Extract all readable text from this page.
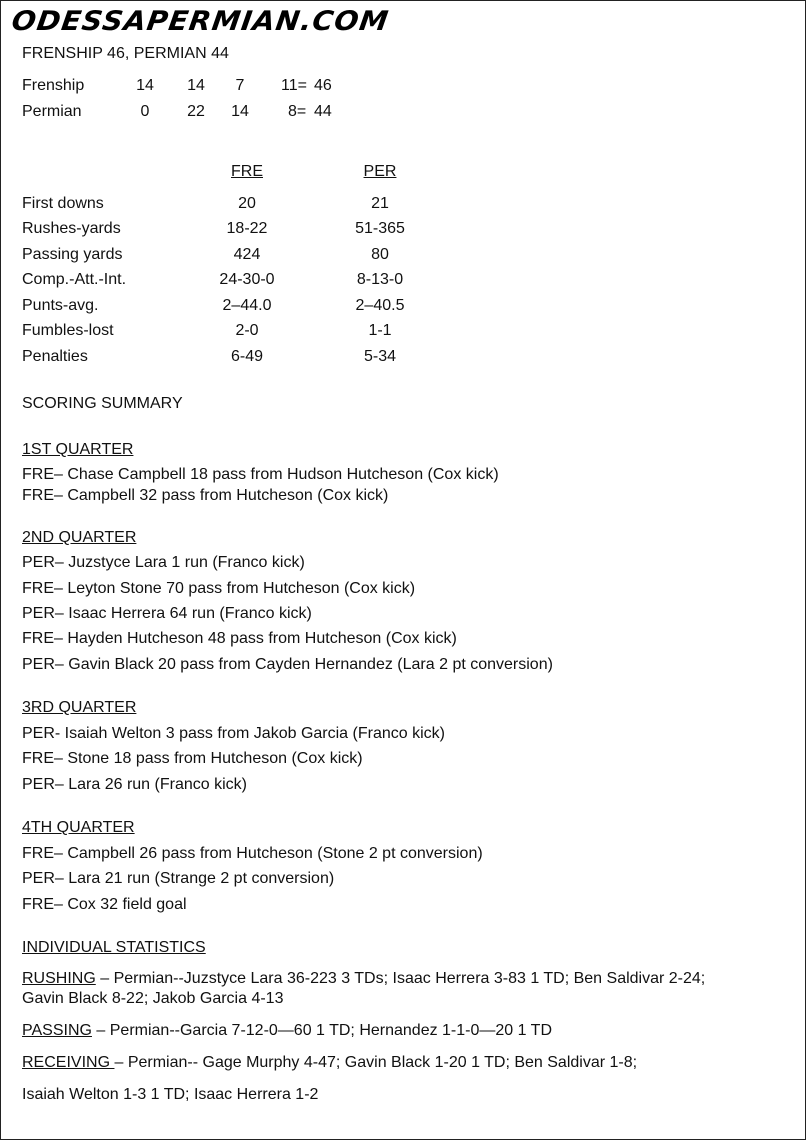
ODESSAPERMIAN.COM
FRENSHIP 46, PERMIAN 44
Frenship	14	14	7	11= 46
Permian	0	22	14	8= 44
FRE	PER
First downs	20	21
Rushes-yards	18-22	51-365
Passing yards	424	80
Comp.-Att.-Int.	24-30-0	8-13-0
Punts-avg.	2–44.0	2–40.5
Fumbles-lost	2-0	1-1
Penalties	6-49	5-34
SCORING SUMMARY
1ST QUARTER
FRE– Chase Campbell 18 pass from Hudson Hutcheson (Cox kick)
FRE– Campbell 32 pass from Hutcheson (Cox kick)
2ND QUARTER
PER– Juzstyce Lara 1 run (Franco kick)
FRE– Leyton Stone 70 pass from Hutcheson (Cox kick)
PER– Isaac Herrera 64 run (Franco kick)
FRE– Hayden Hutcheson 48 pass from Hutcheson (Cox kick)
PER– Gavin Black 20 pass from Cayden Hernandez (Lara 2 pt conversion)
3RD QUARTER
PER- Isaiah Welton 3 pass from Jakob Garcia (Franco kick)
FRE– Stone 18 pass from Hutcheson (Cox kick)
PER– Lara 26 run (Franco kick)
4TH QUARTER
FRE– Campbell 26 pass from Hutcheson (Stone 2 pt conversion)
PER– Lara 21 run (Strange 2 pt conversion)
FRE– Cox 32 field goal
INDIVIDUAL STATISTICS
RUSHING – Permian--Juzstyce Lara 36-223 3 TDs; Isaac Herrera 3-83 1 TD; Ben Saldivar 2-24;
Gavin Black 8-22; Jakob Garcia 4-13
PASSING – Permian--Garcia 7-12-0—60 1 TD; Hernandez 1-1-0—20 1 TD
RECEIVING – Permian-- Gage Murphy 4-47; Gavin Black 1-20 1 TD; Ben Saldivar 1-8;
Isaiah Welton 1-3 1 TD; Isaac Herrera 1-2
